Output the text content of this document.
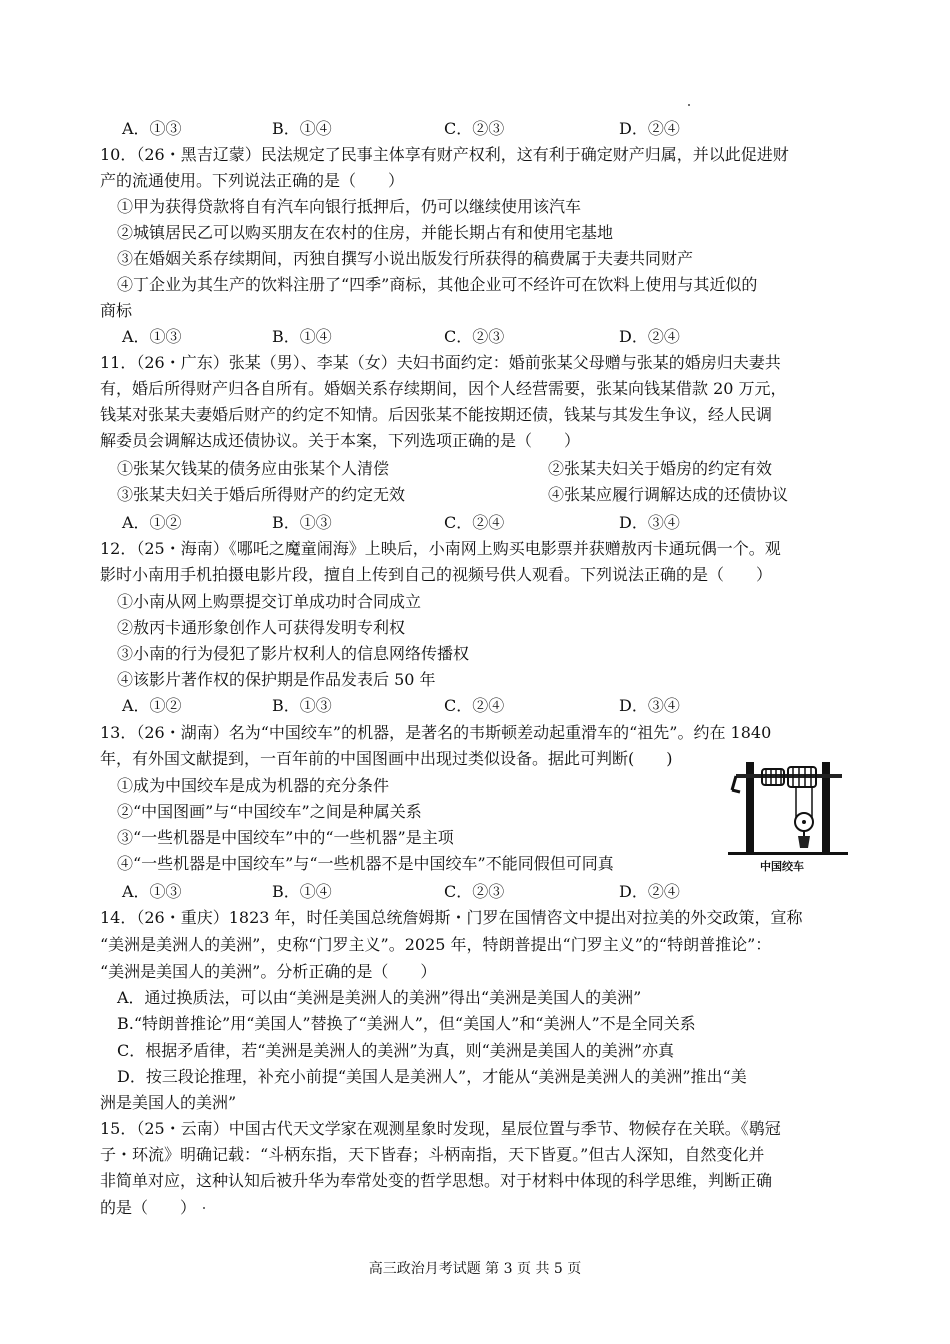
A．①③	B．①④	C．②③	D．②④
10．（26・黑吉辽蒙）民法规定了民事主体享有财产权利，这有利于确定财产归属，并以此促进财
产的流通使用。下列说法正确的是（　　）
①甲为获得贷款将自有汽车向银行抵押后，仍可以继续使用该汽车
②城镇居民乙可以购买朋友在农村的住房，并能长期占有和使用宅基地
③在婚姻关系存续期间，丙独自撰写小说出版发行所获得的稿费属于夫妻共同财产
④丁企业为其生产的饮料注册了“四季”商标，其他企业可不经许可在饮料上使用与其近似的
商标
A．①③	B．①④	C．②③	D．②④
11．（26・广东）张某（男）、李某（女）夫妇书面约定：婚前张某父母赠与张某的婚房归夫妻共
有，婚后所得财产归各自所有。婚姻关系存续期间，因个人经营需要，张某向钱某借款 20 万元，
钱某对张某夫妻婚后财产的约定不知情。后因张某不能按期还债，钱某与其发生争议，经人民调
解委员会调解达成还债协议。关于本案，下列选项正确的是（　　）
①张某欠钱某的债务应由张某个人清偿	②张某夫妇关于婚房的约定有效
③张某夫妇关于婚后所得财产的约定无效	④张某应履行调解达成的还债协议
A．①②	B．①③	C．②④	D．③④
12．（25・海南）《哪吒之魔童闹海》上映后，小南网上购买电影票并获赠敖丙卡通玩偶一个。观
影时小南用手机拍摄电影片段，擅自上传到自己的视频号供人观看。下列说法正确的是（　　）
①小南从网上购票提交订单成功时合同成立
②敖丙卡通形象创作人可获得发明专利权
③小南的行为侵犯了影片权利人的信息网络传播权
④该影片著作权的保护期是作品发表后 50 年
A．①②	B．①③	C．②④	D．③④
13．（26・湖南）名为“中国绞车”的机器，是著名的韦斯顿差动起重滑车的“祖先”。约在 1840
年，有外国文献提到，一百年前的中国图画中出现过类似设备。据此可判断(　　)
①成为中国绞车是成为机器的充分条件
②“中国图画”与“中国绞车”之间是种属关系
③“一些机器是中国绞车”中的“一些机器”是主项
④“一些机器是中国绞车”与“一些机器不是中国绞车”不能同假但可同真
A．①③	B．①④	C．②③	D．②④
中国绞车
14．（26・重庆）1823 年，时任美国总统詹姆斯・门罗在国情咨文中提出对拉美的外交政策，宣称
“美洲是美洲人的美洲”，史称“门罗主义”。2025 年，特朗普提出“门罗主义”的“特朗普推论”：
“美洲是美国人的美洲”。分析正确的是（　　）
A．通过换质法，可以由“美洲是美洲人的美洲”得出“美洲是美国人的美洲”
B.“特朗普推论”用“美国人”替换了“美洲人”，但“美国人”和“美洲人”不是全同关系
C．根据矛盾律，若“美洲是美洲人的美洲”为真，则“美洲是美国人的美洲”亦真
D．按三段论推理，补充小前提“美国人是美洲人”，才能从“美洲是美洲人的美洲”推出“美
洲是美国人的美洲”
15．（25・云南）中国古代天文学家在观测星象时发现，星辰位置与季节、物候存在关联。《鹖冠
子・环流》明确记载：“斗柄东指，天下皆春；斗柄南指，天下皆夏。”但古人深知，自然变化并
非简单对应，这种认知后被升华为奉常处变的哲学思想。对于材料中体现的科学思维，判断正确
的是（　　）
高三政治月考试题 第 3 页 共 5 页
